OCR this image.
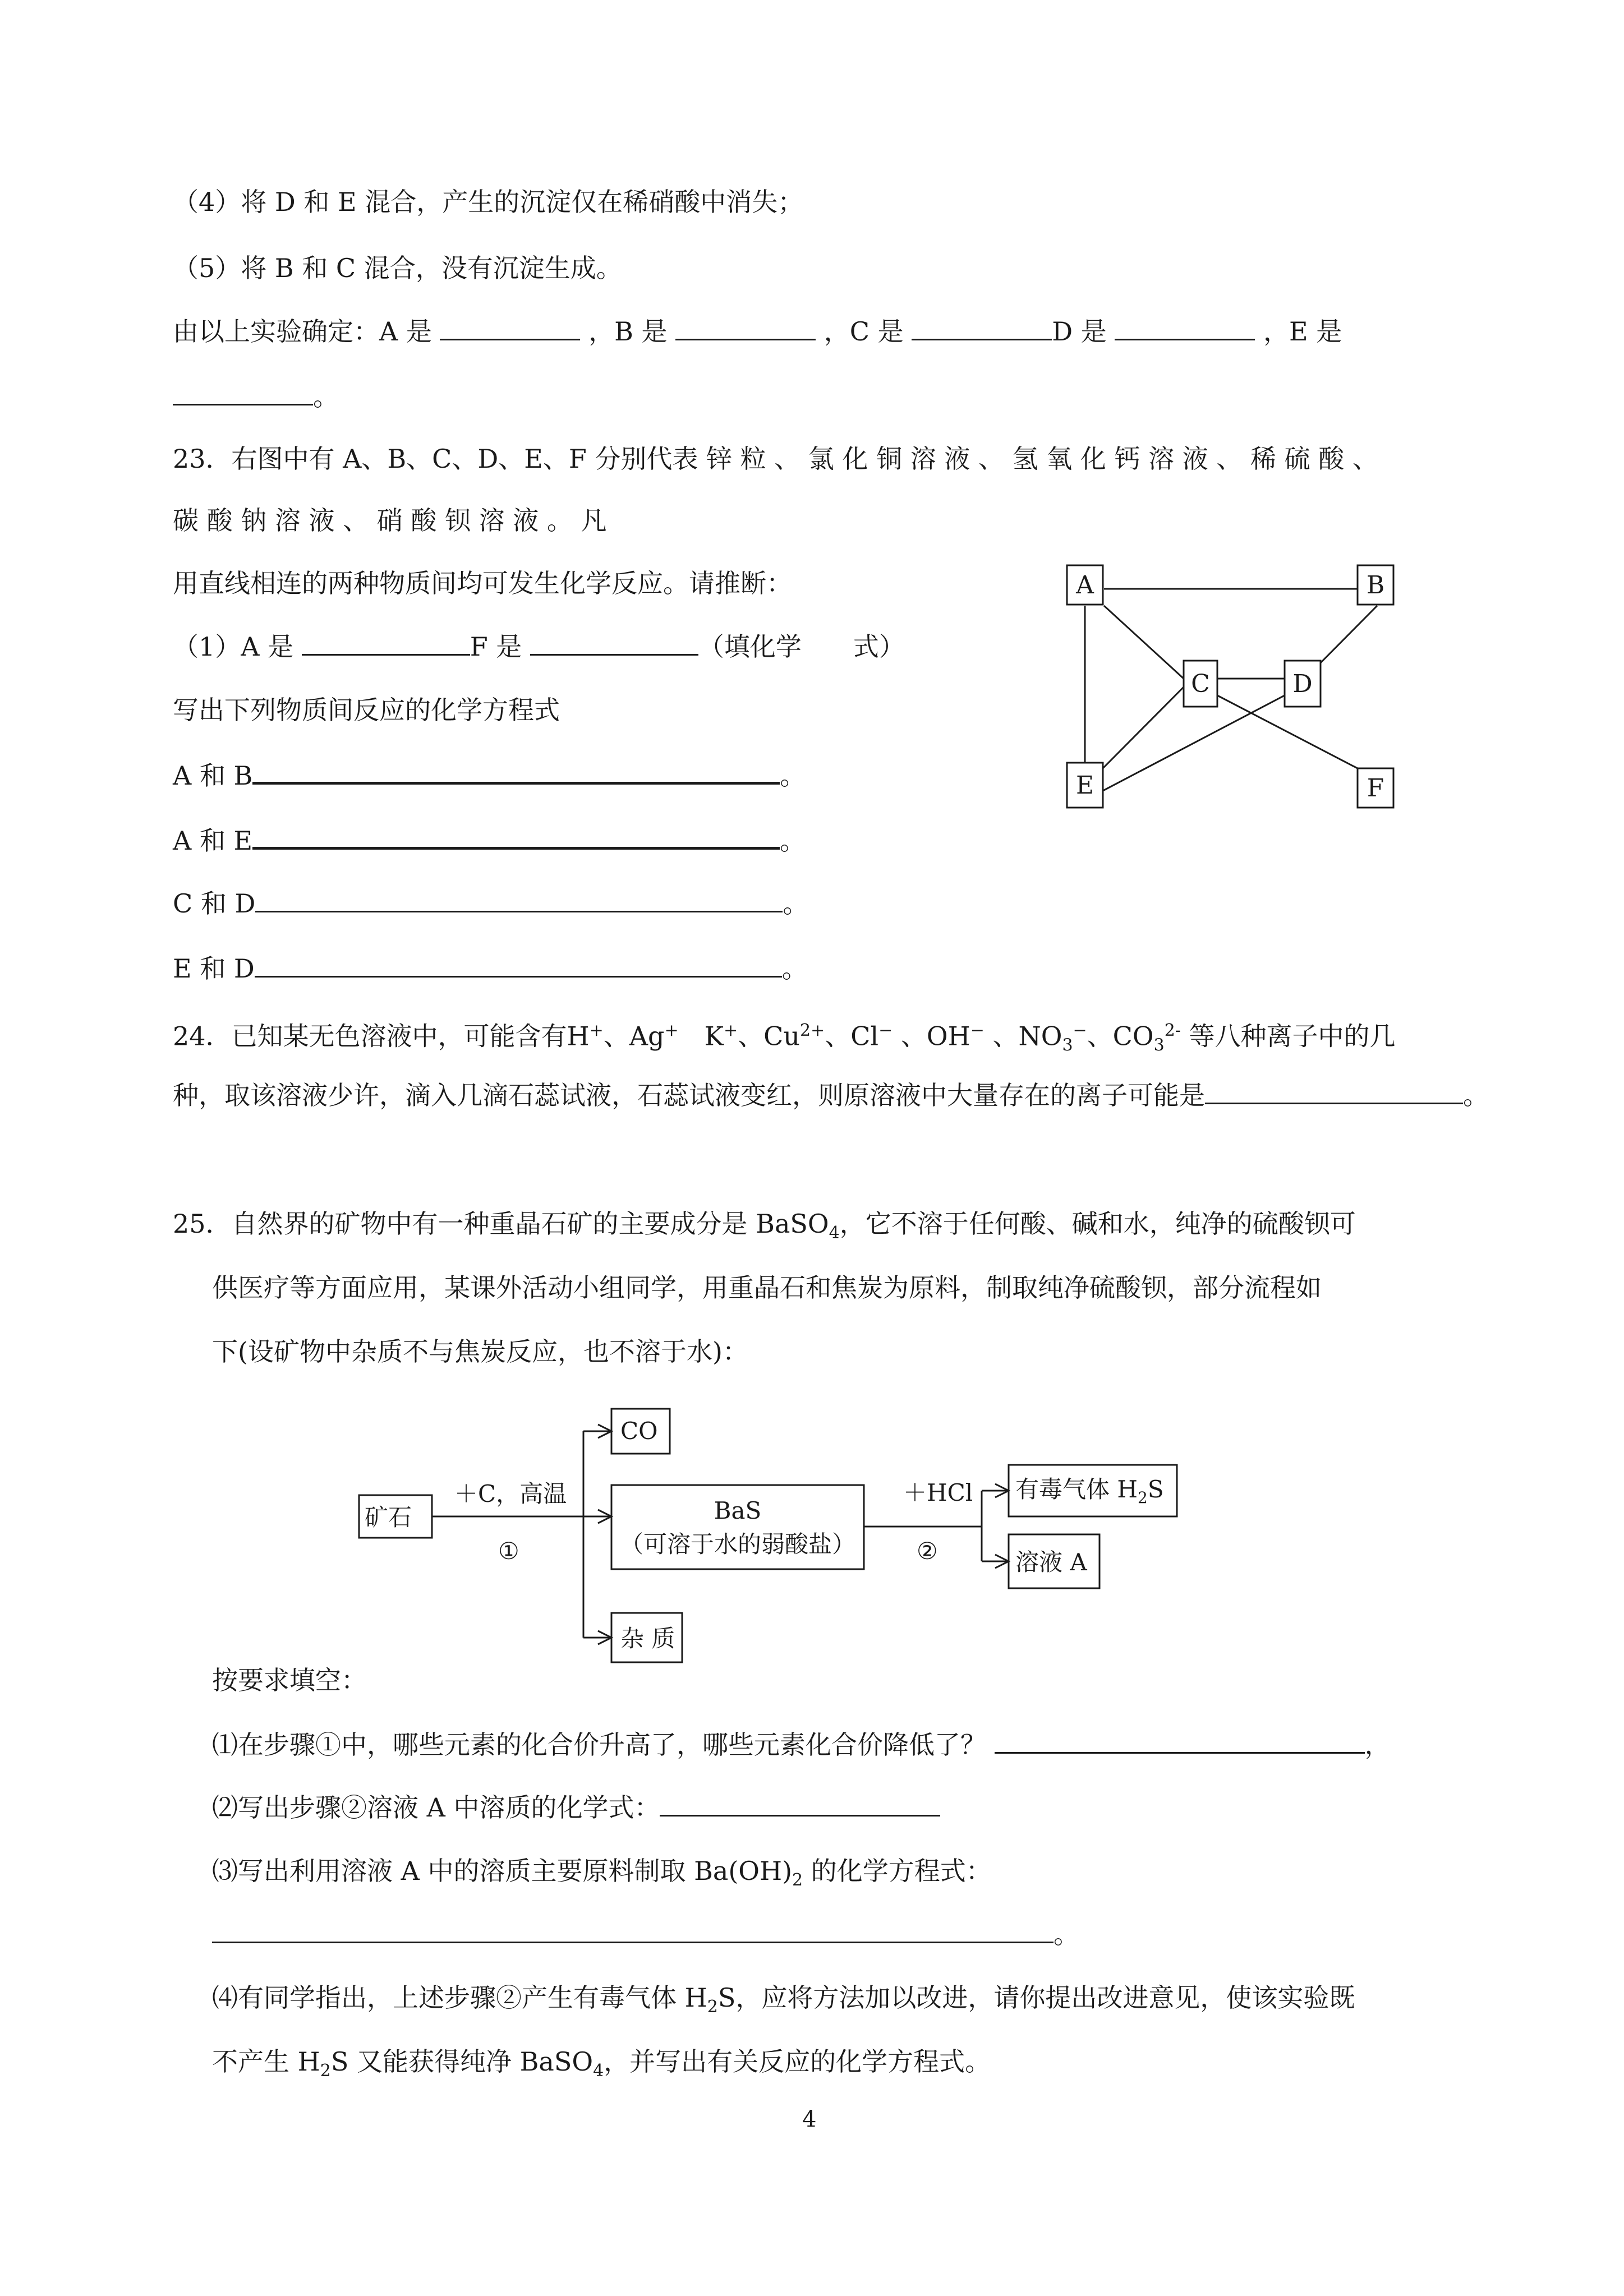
（4）将 D 和 E 混合，产生的沉淀仅在稀硝酸中消失；
（5）将 B 和 C 混合，没有沉淀生成。
由以上实验确定：A 是	，B 是	，C 是	D 是	，E 是
。
23．右图中有 A、B、C、D、E、F 分别代表 锌 粒 、 氯 化 铜 溶 液 、 氢 氧 化 钙 溶 液 、 稀 硫 酸 、
碳 酸 钠 溶 液 、 硝 酸 钡 溶 液 。 凡
用直线相连的两种物质间均可发生化学反应。请推断：
（1）A 是	F 是	（填化学　　式）
写出下列物质间反应的化学方程式
A 和 B	。
A 和 E	。
C 和 D	。
E 和 D	。
A	B
C	D
E	F
24．已知某无色溶液中，可能含有H+、Ag+　K+、$Cu^{2+}$、Cl− 、OH− 、$NO_3^-$、$CO_3^{2-}$ 等八种离子中的几
种，取该溶液少许，滴入几滴石蕊试液，石蕊试液变红，则原溶液中大量存在的离子可能是	。
25．自然界的矿物中有一种重晶石矿的主要成分是 BaSO$_4$，它不溶于任何酸、碱和水，纯净的硫酸钡可
供医疗等方面应用，某课外活动小组同学，用重晶石和焦炭为原料，制取纯净硫酸钡，部分流程如
下(设矿物中杂质不与焦炭反应，也不溶于水)：
矿石
CO
＋C，高温
①
BaS
（可溶于水的弱酸盐）
杂 质
＋HCl
②
有毒气体 $H_2S$
溶液 A
按要求填空：
⑴在步骤①中，哪些元素的化合价升高了，哪些元素化合价降低了？	，
⑵写出步骤②溶液 A 中溶质的化学式：
⑶写出利用溶液 A 中的溶质主要原料制取 $Ba(OH)_2$ 的化学方程式：
。
⑷有同学指出，上述步骤②产生有毒气体 $H_2S$，应将方法加以改进，请你提出改进意见，使该实验既
不产生 $H_2S$ 又能获得纯净 BaSO$_4$，并写出有关反应的化学方程式。
4
